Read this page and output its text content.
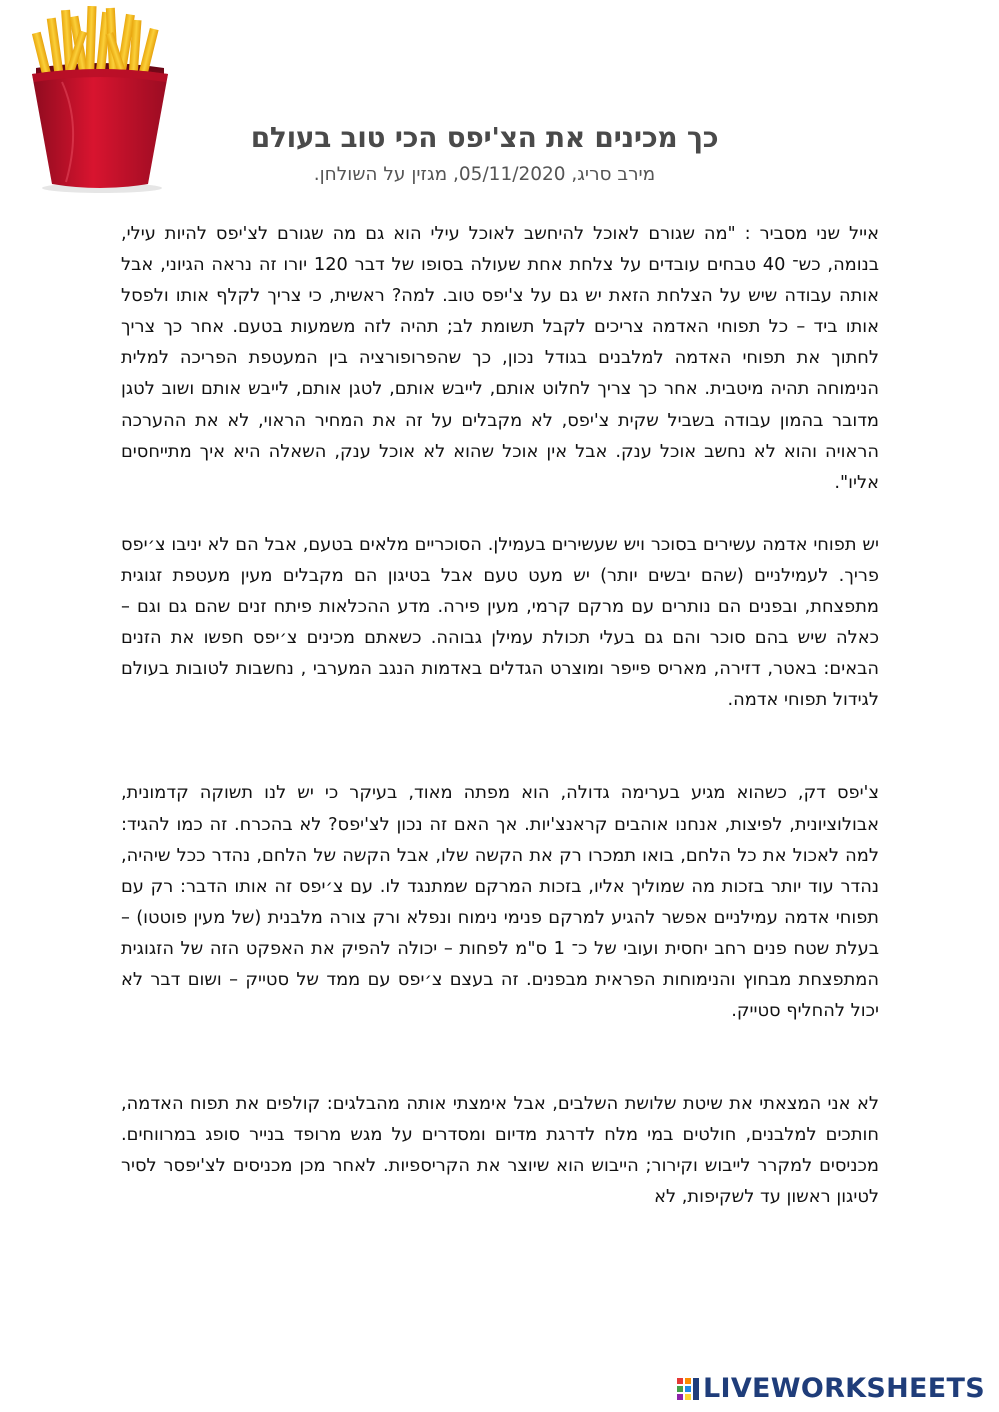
כך מכינים את הצ'יפס הכי טוב בעולם
מירב סריג, 05/11/2020, מגזין על השולחן.

אייל שני מסביר : "מה שגורם לאוכל להיחשב לאוכל עילי הוא גם מה שגורם לצ'יפס להיות עילי, בנומה, כש־ 40 טבחים עובדים על צלחת אחת שעולה בסופו של דבר 120 יורו זה נראה הגיוני, אבל אותה עבודה שיש על הצלחת הזאת יש גם על צ'יפס טוב. למה? ראשית, כי צריך לקלף אותו ולפסל אותו ביד – כל תפוחי האדמה צריכים לקבל תשומת לב; תהיה לזה משמעות בטעם. אחר כך צריך לחתוך את תפוחי האדמה למלבנים בגודל נכון, כך שהפרופורציה בין המעטפת הפריכה למלית הנימוחה תהיה מיטבית. אחר כך צריך לחלוט אותם, לייבש אותם, לטגן אותם, לייבש אותם ושוב לטגן מדובר בהמון עבודה בשביל שקית צ'יפס, לא מקבלים על זה את המחיר הראוי, לא את ההערכה הראויה והוא לא נחשב אוכל ענק. אבל אין אוכל שהוא לא אוכל ענק, השאלה היא איך מתייחסים אליו".

יש תפוחי אדמה עשירים בסוכר ויש שעשירים בעמילן. הסוכריים מלאים בטעם, אבל הם לא יניבו צ׳יפס פריך. לעמילניים (שהם יבשים יותר) יש מעט טעם אבל בטיגון הם מקבלים מעין מעטפת זגוגית מתפצחת, ובפנים הם נותרים עם מרקם קרמי, מעין פירה. מדע ההכלאות פיתח זנים שהם גם וגם – כאלה שיש בהם סוכר והם גם בעלי תכולת עמילן גבוהה. כשאתם מכינים צ׳יפס חפשו את הזנים הבאים: באטר, דזירה, מאריס פייפר ומוצרט הגדלים באדמות הנגב המערבי , נחשבות לטובות בעולם לגידול תפוחי אדמה.

צ'יפס דק, כשהוא מגיע בערימה גדולה, הוא מפתה מאוד, בעיקר כי יש לנו תשוקה קדמונית, אבולוציונית, לפיצות, אנחנו אוהבים קראנצ'יות. אך האם זה נכון לצ'יפס? לא בהכרח. זה כמו להגיד: למה לאכול את כל הלחם, בואו תמכרו רק את הקשה שלו, אבל הקשה של הלחם, נהדר ככל שיהיה, נהדר עוד יותר בזכות מה שמוליך אליו, בזכות המרקם שמתנגד לו. עם צ׳יפס זה אותו הדבר: רק עם תפוחי אדמה עמילניים אפשר להגיע למרקם פנימי נימוח ונפלא ורק צורה מלבנית (של מעין פוטטו) – בעלת שטח פנים רחב יחסית ועובי של כ־ 1 ס"מ לפחות – יכולה להפיק את האפקט הזה של הזגוגית המתפצחת מבחוץ והנימוחות הפראית מבפנים. זה בעצם צ׳יפס עם ממד של סטייק – ושום דבר לא יכול להחליף סטייק.

לא אני המצאתי את שיטת שלושת השלבים, אבל אימצתי אותה מהבלגים: קולפים את תפוח האדמה, חותכים למלבנים, חולטים במי מלח לדרגת מדיום ומסדרים על מגש מרופד בנייר סופג במרווחים. מכניסים למקרר לייבוש וקירור; הייבוש הוא שיוצר את הקריספיות. לאחר מכן מכניסים לצ'יפסר לסיר לטיגון ראשון עד לשקיפות, לא

LIVEWORKSHEETS
